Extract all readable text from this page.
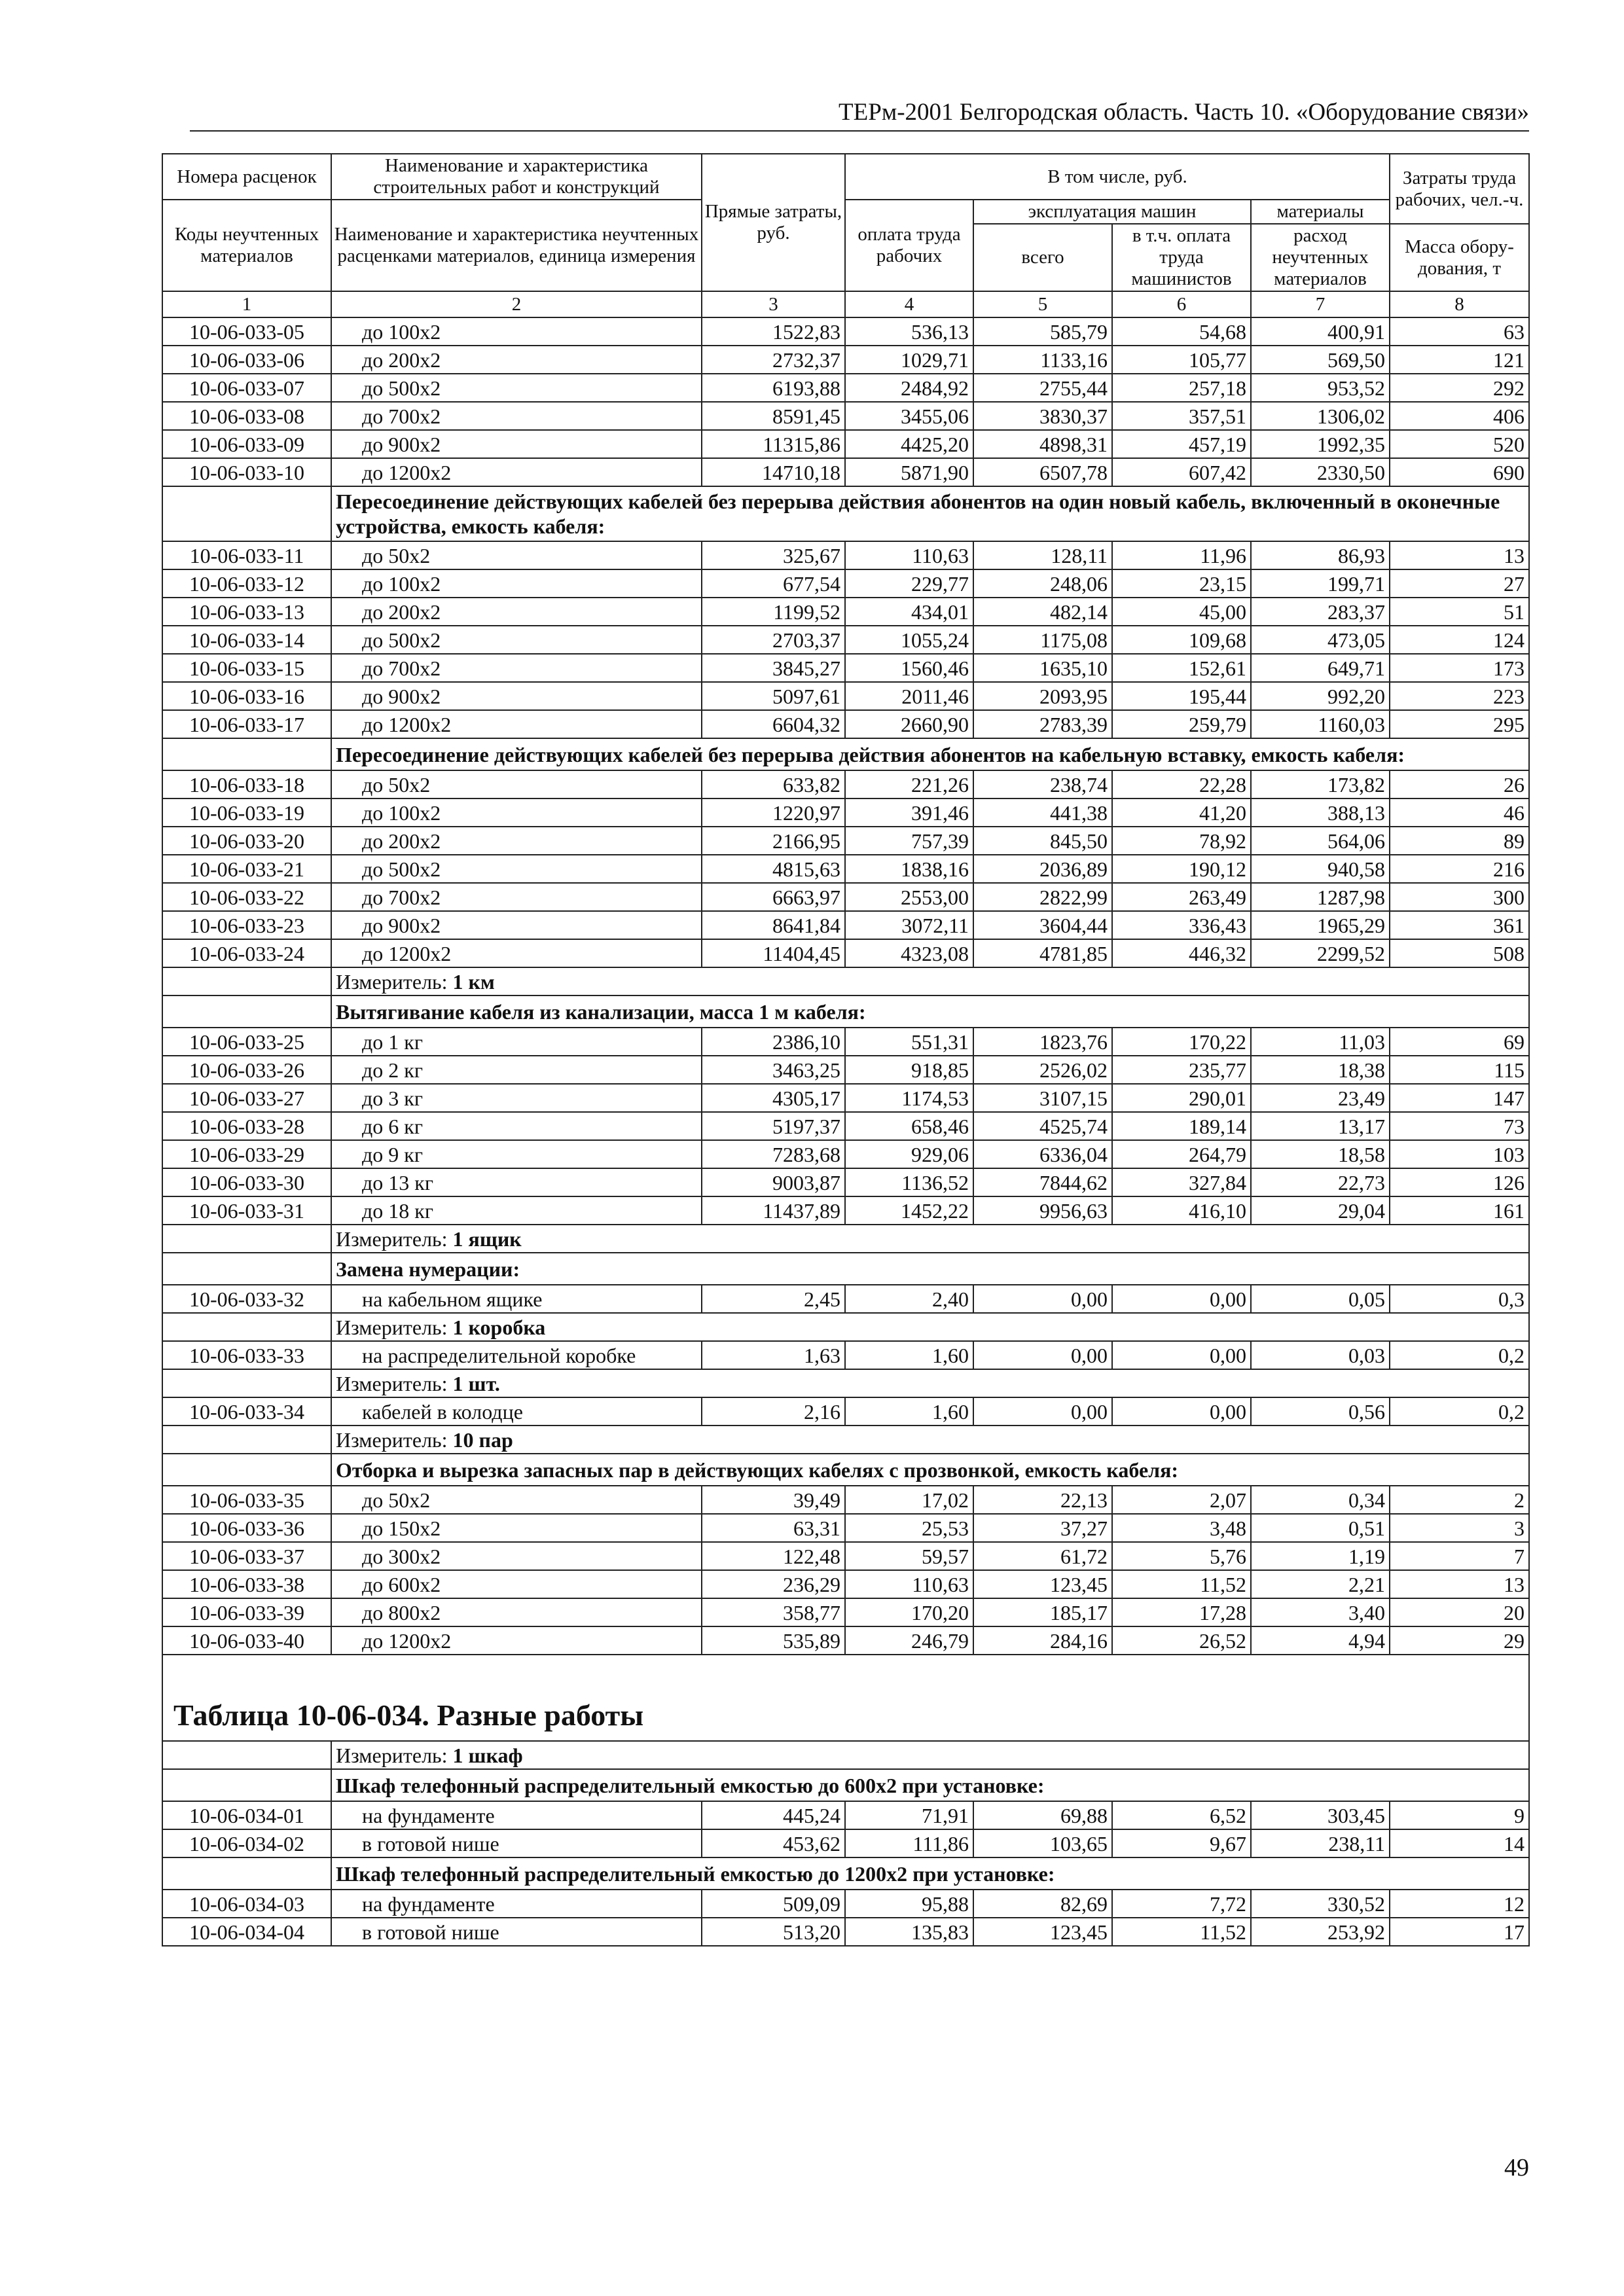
ТЕРм-2001 Белгородская область. Часть 10. «Оборудование связи»
Номера расценок	Наименование и характеристика строительных работ и конструкций	Прямые затраты, руб.	В том числе, руб.				Затраты труда рабочих, чел.-ч.
Коды неучтенных материалов	Наименование и характеристика неучтенных расценками материалов, единица измерения		оплата труда рабочих	эксплуатация машин		материалы	
				всего	в т.ч. оплата труда машинистов	расход неучтенных материалов	Масса обору-дования, т
1	2	3	4	5	6	7	8
10-06-033-05	до 100х2	1522,83	536,13	585,79	54,68	400,91	63
10-06-033-06	до 200х2	2732,37	1029,71	1133,16	105,77	569,50	121
10-06-033-07	до 500х2	6193,88	2484,92	2755,44	257,18	953,52	292
10-06-033-08	до 700х2	8591,45	3455,06	3830,37	357,51	1306,02	406
10-06-033-09	до 900х2	11315,86	4425,20	4898,31	457,19	1992,35	520
10-06-033-10	до 1200х2	14710,18	5871,90	6507,78	607,42	2330,50	690
	Пересоединение действующих кабелей без перерыва действия абонентов на один новый кабель, включенный в оконечные устройства, емкость кабеля:						
10-06-033-11	до 50х2	325,67	110,63	128,11	11,96	86,93	13
10-06-033-12	до 100х2	677,54	229,77	248,06	23,15	199,71	27
10-06-033-13	до 200х2	1199,52	434,01	482,14	45,00	283,37	51
10-06-033-14	до 500х2	2703,37	1055,24	1175,08	109,68	473,05	124
10-06-033-15	до 700х2	3845,27	1560,46	1635,10	152,61	649,71	173
10-06-033-16	до 900х2	5097,61	2011,46	2093,95	195,44	992,20	223
10-06-033-17	до 1200х2	6604,32	2660,90	2783,39	259,79	1160,03	295
	Пересоединение действующих кабелей без перерыва действия абонентов на кабельную вставку, емкость кабеля:						
10-06-033-18	до 50х2	633,82	221,26	238,74	22,28	173,82	26
10-06-033-19	до 100х2	1220,97	391,46	441,38	41,20	388,13	46
10-06-033-20	до 200х2	2166,95	757,39	845,50	78,92	564,06	89
10-06-033-21	до 500х2	4815,63	1838,16	2036,89	190,12	940,58	216
10-06-033-22	до 700х2	6663,97	2553,00	2822,99	263,49	1287,98	300
10-06-033-23	до 900х2	8641,84	3072,11	3604,44	336,43	1965,29	361
10-06-033-24	до 1200х2	11404,45	4323,08	4781,85	446,32	2299,52	508
	Измеритель: 1 км						
	Вытягивание кабеля из канализации, масса 1 м кабеля:						
10-06-033-25	до 1 кг	2386,10	551,31	1823,76	170,22	11,03	69
10-06-033-26	до 2 кг	3463,25	918,85	2526,02	235,77	18,38	115
10-06-033-27	до 3 кг	4305,17	1174,53	3107,15	290,01	23,49	147
10-06-033-28	до 6 кг	5197,37	658,46	4525,74	189,14	13,17	73
10-06-033-29	до 9 кг	7283,68	929,06	6336,04	264,79	18,58	103
10-06-033-30	до 13 кг	9003,87	1136,52	7844,62	327,84	22,73	126
10-06-033-31	до 18 кг	11437,89	1452,22	9956,63	416,10	29,04	161
	Измеритель: 1 ящик						
	Замена нумерации:						
10-06-033-32	на кабельном ящике	2,45	2,40	0,00	0,00	0,05	0,3
	Измеритель: 1 коробка						
10-06-033-33	на распределительной коробке	1,63	1,60	0,00	0,00	0,03	0,2
	Измеритель: 1 шт.						
10-06-033-34	кабелей в колодце	2,16	1,60	0,00	0,00	0,56	0,2
	Измеритель: 10 пар						
	Отборка и вырезка запасных пар в действующих кабелях с прозвонкой, емкость кабеля:						
10-06-033-35	до 50х2	39,49	17,02	22,13	2,07	0,34	2
10-06-033-36	до 150х2	63,31	25,53	37,27	3,48	0,51	3
10-06-033-37	до 300х2	122,48	59,57	61,72	5,76	1,19	7
10-06-033-38	до 600х2	236,29	110,63	123,45	11,52	2,21	13
10-06-033-39	до 800х2	358,77	170,20	185,17	17,28	3,40	20
10-06-033-40	до 1200х2	535,89	246,79	284,16	26,52	4,94	29
Таблица 10-06-034. Разные работы							
	Измеритель: 1 шкаф						
	Шкаф телефонный распределительный емкостью до 600х2 при установке:						
10-06-034-01	на фундаменте	445,24	71,91	69,88	6,52	303,45	9
10-06-034-02	в готовой нише	453,62	111,86	103,65	9,67	238,11	14
	Шкаф телефонный распределительный емкостью до 1200х2 при установке:						
10-06-034-03	на фундаменте	509,09	95,88	82,69	7,72	330,52	12
10-06-034-04	в готовой нише	513,20	135,83	123,45	11,52	253,92	17
49
